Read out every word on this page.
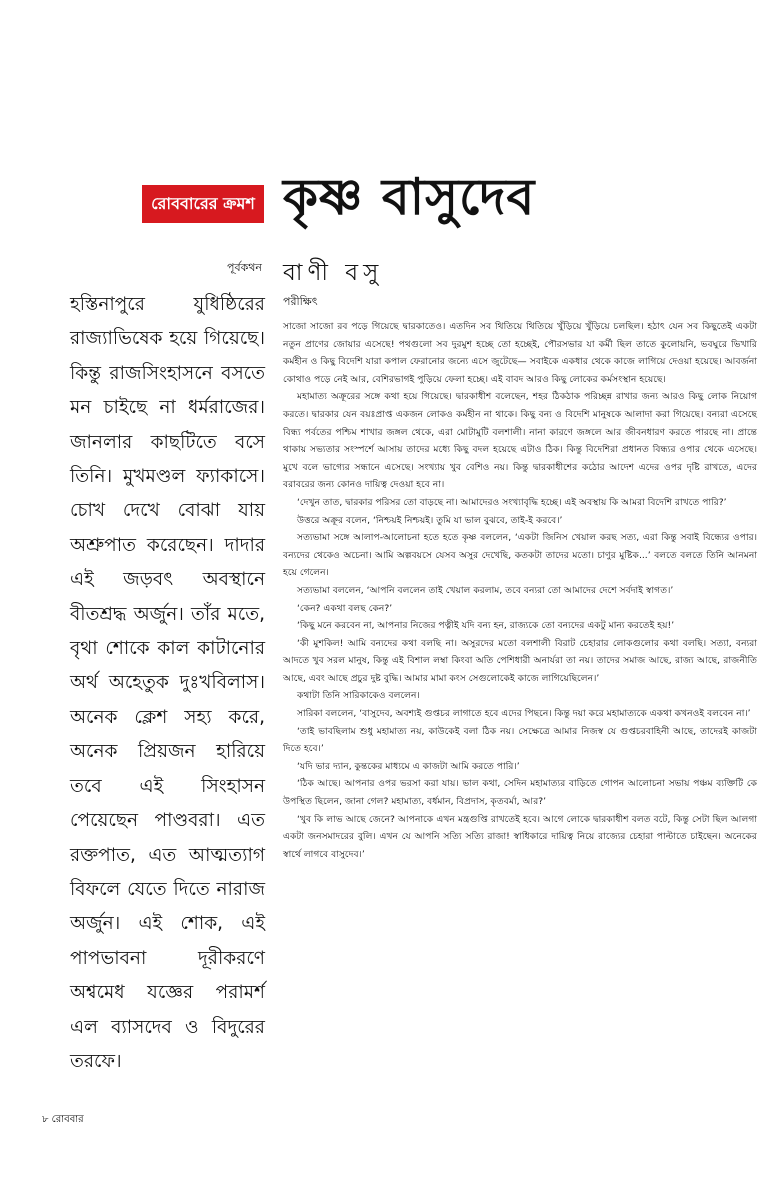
রোববারের ক্রমশ কৃষ্ণ বাসুদেব
বাণী বসু
পূর্বকথন
পরীক্ষিৎ
হস্তিনাপুরে যুধিষ্ঠিরের রাজ্যাভিষেক হয়ে গিয়েছে। কিন্তু রাজসিংহাসনে বসতে মন চাইছে না ধর্মরাজের। জানলার কাছটিতে বসে তিনি। মুখমণ্ডল ফ্যাকাসে। চোখ দেখে বোঝা যায় অশ্রুপাত করেছেন। দাদার এই জড়বৎ অবস্থানে বীতশ্রদ্ধ অর্জুন। তাঁর মতে, বৃথা শোকে কাল কাটানোর অর্থ অহেতুক দুঃখবিলাস। অনেক ক্লেশ সহ্য করে, অনেক প্রিয়জন হারিয়ে তবে এই সিংহাসন পেয়েছেন পাণ্ডবরা। এত রক্তপাত, এত আত্মত্যাগ বিফলে যেতে দিতে নারাজ অর্জুন। এই শোক, এই পাপভাবনা দূরীকরণে অশ্বমেধ যজ্ঞের পরামর্শ এল ব্যাসদেব ও বিদুরের তরফে।

সাজো সাজো রব পড়ে গিয়েছে দ্বারকাতেও। এতদিন সব থিতিয়ে থিতিয়ে খুঁড়িয়ে খুঁড়িয়ে চলছিল। হঠাৎ যেন সব কিছুতেই একটা নতুন প্রাণের জোয়ার এসেছে! পথগুলো সব দুরমুশ হচ্ছে তো হচ্ছেই, পৌরসভার যা কর্মী ছিল তাতে কুলোয়নি, ভবঘুরে ভিখারি কর্মহীন ও কিছু বিদেশি যারা কপাল ফেরানোর জন্যে এসে জুটেছে— সবাইকে একধার থেকে কাজে লাগিয়ে দেওয়া হয়েছে। আবর্জনা কোথাও পড়ে নেই আর, বেশিরভাগই পুড়িয়ে ফেলা হচ্ছে। এই বাবদ আরও কিছু লোকের কর্মসংস্থান হয়েছে।

মহামাত্য অক্রূরের সঙ্গে কথা হয়ে গিয়েছে। দ্বারকাধীশ বলেছেন, শহর ঠিকঠাক পরিচ্ছন্ন রাখার জন্য আরও কিছু লোক নিয়োগ করতে। দ্বারকার যেন বয়ঃপ্রাপ্ত একজন লোকও কর্মহীন না থাকে। কিছু বন্য ও বিদেশি মানুষকে আলাদা করা গিয়েছে। বন্যরা এসেছে বিন্ধ্য পর্বতের পশ্চিম শাখার জঙ্গল থেকে, এরা মোটামুটি বলশালী। নানা কারণে জঙ্গলে আর জীবনধারণ করতে পারছে না। প্রান্তে থাকায় সভ্যতার সংস্পর্শে আসায় তাদের মধ্যে কিছু বদল হয়েছে এটাও ঠিক। কিন্তু বিদেশিরা প্রধানত বিন্ধ্যর ওপার থেকে এসেছে। মুখে বলে ভাগ্যের সন্ধানে এসেছে। সংখ্যায় খুব বেশিও নয়। কিন্তু দ্বারকাধীশের কঠোর আদেশ এদের ওপর দৃষ্টি রাখতে, এদের বরাবরের জন্য কোনও দায়িত্ব দেওয়া হবে না।

‘দেখুন তাত, দ্বারকার পরিসর তো বাড়ছে না। আমাদেরও সংখ্যাবৃদ্ধি হচ্ছে। এই অবস্থায় কি আমরা বিদেশি রাখতে পারি?’

উত্তরে অক্রূর বলেন, ‘নিশ্চয়ই নিশ্চয়ই। তুমি যা ভাল বুঝবে, তাই-ই করবে।’

সত্যভামা সঙ্গে আলাপ-আলোচনা হতে হতে কৃষ্ণ বললেন, ‘একটা জিনিস খেয়াল করছ সত্য, এরা কিন্তু সবাই বিন্ধ্যের ওপার। বন্যদের থেকেও অচেনা। আমি অল্পবয়সে যেসব অসুর দেখেছি, কতকটা তাদের মতো। চাণুর মুষ্টিক...’ বলতে বলতে তিনি আনমনা হয়ে গেলেন।

সত্যভামা বললেন, ‘আপনি বললেন তাই খেয়াল করলাম, তবে বন্যরা তো আমাদের দেশে সর্বদাই স্বাগত।’

‘কেন? একথা বলছ কেন?’

‘কিছু মনে করবেন না, আপনার নিজের পত্নীই যদি বন্য হন, রাজ্যকে তো বন্যদের একটু মান্য করতেই হয়!’

‘কী মুশকিল! আমি বন্যদের কথা বলছি না। অসুরদের মতো বলশালী বিরাট চেহারার লোকগুলোর কথা বলছি। সত্যা, বন্যরা আদতে খুব সরল মানুষ, কিন্তু এই বিশাল লম্বা কিংবা অতি পেশিধারী অনার্যরা তা নয়। তাদের সমাজ আছে, রাজ্য আছে, রাজনীতি আছে, এবং আছে প্রচুর দুষ্ট বুদ্ধি। আমার মামা কংস সেগুলোকেই কাজে লাগিয়েছিলেন।’

কথাটা তিনি সারিকাকেও বললেন।

সারিকা বললেন, ‘বাসুদেব, অবশ্যই গুপ্তচর লাগাতে হবে এদের পিছনে। কিন্তু দয়া করে মহামাত্যকে একথা কখনওই বলবেন না।’

‘তাই ভাবছিলাম শুধু মহামাত্য নয়, কাউকেই বলা ঠিক নয়। সেক্ষেত্রে আমার নিজস্ব যে গুপ্তচরবাহিনী আছে, তাদেরই কাজটা দিতে হবে।’

‘যদি ভার দ্যান, কুন্তকের মাধ্যমে এ কাজটা আমি করতে পারি।’

‘ঠিক আছে। আপনার ওপর ভরসা করা যায়। ভাল কথা, সেদিন মহামাত্যর বাড়িতে গোপন আলোচনা সভায় পঞ্চম ব্যক্তিটি কে উপস্থিত ছিলেন, জানা গেল? মহামাত্য, বর্ধমান, বিপ্রদাস, কৃতবর্মা, আর?’

‘খুব কি লাভ আছে জেনে? আপনাকে এখন মন্ত্রগুপ্তি রাখতেই হবে। আগে লোকে দ্বারকাধীশ বলত বটে, কিন্তু সেটা ছিল আলগা একটা জনসমাদরের বুলি। এখন যে আপনি সত্যি সত্যি রাজা! স্বাধিকারে দায়িত্ব নিয়ে রাজ্যের চেহারা পাল্টাতে চাইছেন। অনেকের স্বার্থে লাগবে বাসুদেব।’

৮ রোববার
